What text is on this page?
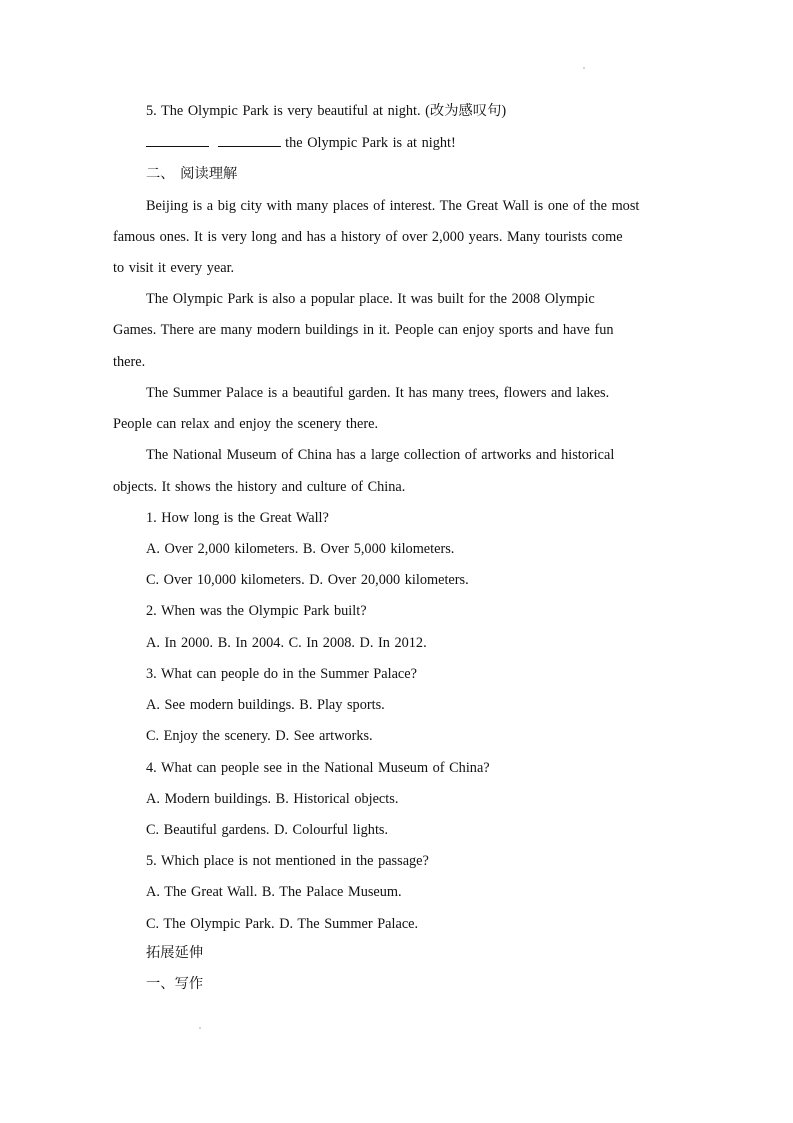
5. The Olympic Park is very beautiful at night. (改为感叹句)
the Olympic Park is at night!
二、 阅读理解
Beijing is a big city with many places of interest. The Great Wall is one of the most
famous ones. It is very long and has a history of over 2,000 years. Many tourists come
to visit it every year.
The Olympic Park is also a popular place. It was built for the 2008 Olympic
Games. There are many modern buildings in it. People can enjoy sports and have fun
there.
The Summer Palace is a beautiful garden. It has many trees, flowers and lakes.
People can relax and enjoy the scenery there.
The National Museum of China has a large collection of artworks and historical
objects. It shows the history and culture of China.
1. How long is the Great Wall?
A. Over 2,000 kilometers. B. Over 5,000 kilometers.
C. Over 10,000 kilometers. D. Over 20,000 kilometers.
2. When was the Olympic Park built?
A. In 2000. B. In 2004. C. In 2008. D. In 2012.
3. What can people do in the Summer Palace?
A. See modern buildings. B. Play sports.
C. Enjoy the scenery. D. See artworks.
4. What can people see in the National Museum of China?
A. Modern buildings. B. Historical objects.
C. Beautiful gardens. D. Colourful lights.
5. Which place is not mentioned in the passage?
A. The Great Wall. B. The Palace Museum.
C. The Olympic Park. D. The Summer Palace.
拓展延伸
一、写作
